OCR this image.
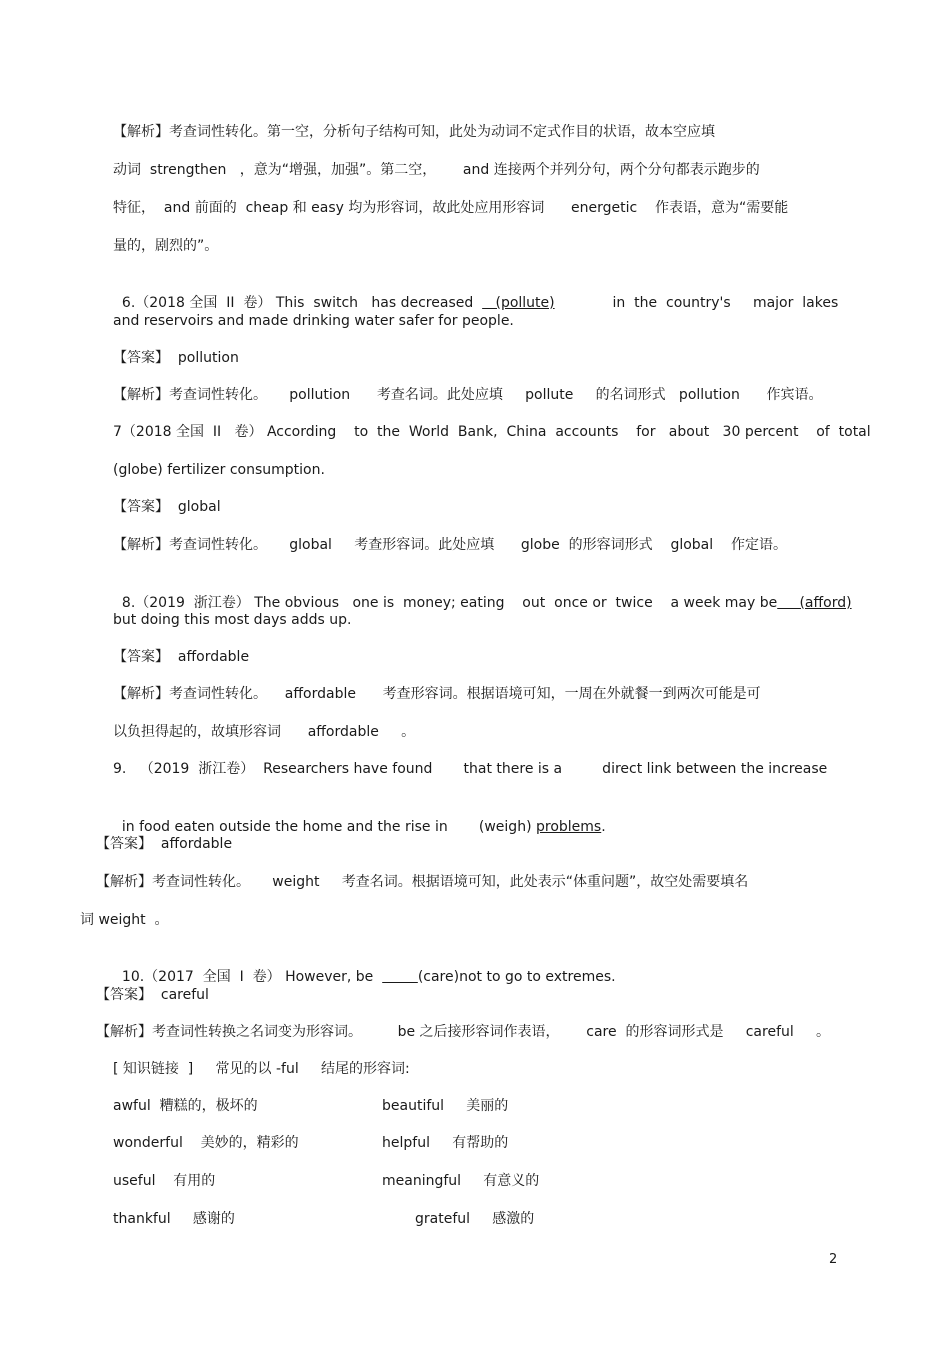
【解析】考查词性转化。第一空，分析句子结构可知，此处为动词不定式作目的状语，故本空应填
动词  strengthen   ，意为“增强，加强”。第二空，      and 连接两个并列分句，两个分句都表示跑步的
特征，  and 前面的  cheap 和 easy 均为形容词，故此处应用形容词      energetic    作表语，意为“需要能
量的，剧烈的”。

6.（2018 全国  II  卷） This  switch   has decreased     (pollute)             in  the  country's     major  lakes

and reservoirs and made drinking water safer for people.
【答案】  pollution
【解析】考查词性转化。     pollution      考查名词。此处应填     pollute     的名词形式   pollution      作宾语。
7（2018 全国  II   卷） According    to  the  World  Bank,  China  accounts    for   about   30 percent    of  total
(globe) fertilizer consumption.
【答案】  global
【解析】考查词性转化。     global     考查形容词。此处应填      globe  的形容词形式    global    作定语。

8.（2019  浙江卷） The obvious   one is  money; eating    out  once or  twice    a week may be     (afford)

but doing this most days adds up.
【答案】  affordable
【解析】考查词性转化。    affordable      考查形容词。根据语境可知，一周在外就餐一到两次可能是可
以负担得起的，故填形容词      affordable     。
9.   （2019  浙江卷）  Researchers have found       that there is a         direct link between the increase

in food eaten outside the home and the rise in       (weigh) problems.

【答案】  affordable
【解析】考查词性转化。     weight     考查名词。根据语境可知，此处表示“体重问题”，故空处需要填名
词 weight  。

10.（2017  全国  I  卷） However, be	(care)not to go to extremes.

【答案】  careful
【解析】考查词性转换之名词变为形容词。        be 之后接形容词作表语，      care  的形容词形式是     careful     。
[ 知识链接  ]     常见的以 -ful     结尾的形容词:
awful  糟糕的，极坏的	beautiful     美丽的
wonderful    美妙的，精彩的	helpful     有帮助的
useful    有用的	meaningful     有意义的
thankful     感谢的	grateful     感激的
2
